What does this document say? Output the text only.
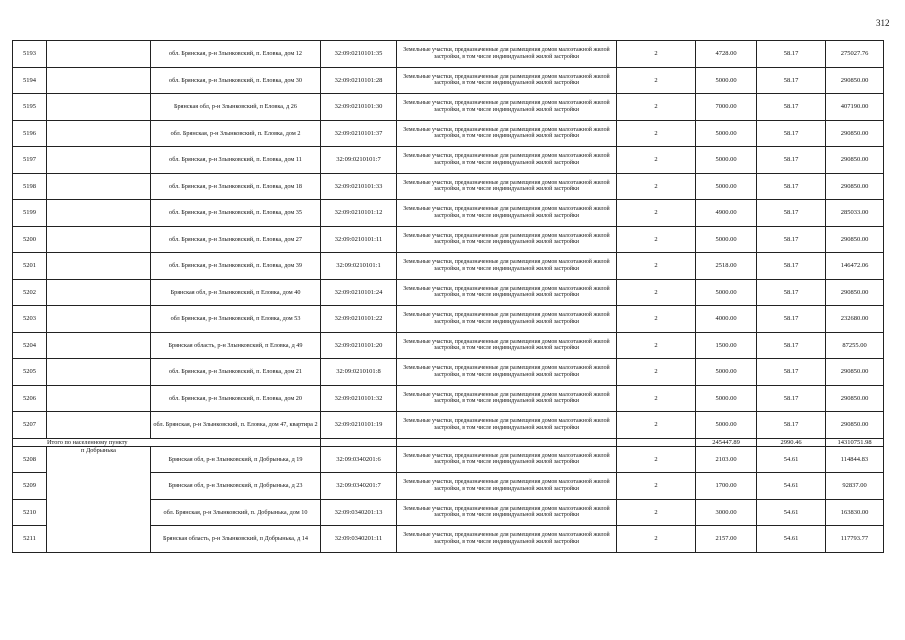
312
5193		обл. Брянская, р-н Злынковский, п. Еловка, дом 12	32:09:0210101:35	Земельные участки, предназначенные для размещения домов малоэтажной жилой застройки, в том числе индивидуальной жилой застройки	2	4728.00	58.17	275027.76
5194		обл. Брянская, р-н Злынковский, п. Еловка, дом 30	32:09:0210101:28	Земельные участки, предназначенные для размещения домов малоэтажной жилой застройки, в том числе индивидуальной жилой застройки	2	5000.00	58.17	290850.00
5195		Брянская обл, р-н Злынковский, п Еловка, д 26	32:09:0210101:30	Земельные участки, предназначенные для размещения домов малоэтажной жилой застройки, в том числе индивидуальной жилой застройки	2	7000.00	58.17	407190.00
5196		обл. Брянская, р-н Злынковский, п. Еловка, дом 2	32:09:0210101:37	Земельные участки, предназначенные для размещения домов малоэтажной жилой застройки, в том числе индивидуальной жилой застройки	2	5000.00	58.17	290850.00
5197		обл. Брянская, р-н Злынковский, п. Еловка, дом 11	32:09:0210101:7	Земельные участки, предназначенные для размещения домов малоэтажной жилой застройки, в том числе индивидуальной жилой застройки	2	5000.00	58.17	290850.00
5198		обл. Брянская, р-н Злынковский, п. Еловка, дом 18	32:09:0210101:33	Земельные участки, предназначенные для размещения домов малоэтажной жилой застройки, в том числе индивидуальной жилой застройки	2	5000.00	58.17	290850.00
5199		обл. Брянская, р-н Злынковский, п. Еловка, дом 35	32:09:0210101:12	Земельные участки, предназначенные для размещения домов малоэтажной жилой застройки, в том числе индивидуальной жилой застройки	2	4900.00	58.17	285033.00
5200		обл. Брянская, р-н Злынковский, п. Еловка, дом 27	32:09:0210101:11	Земельные участки, предназначенные для размещения домов малоэтажной жилой застройки, в том числе индивидуальной жилой застройки	2	5000.00	58.17	290850.00
5201		обл. Брянская, р-н Злынковский, п. Еловка, дом 39	32:09:0210101:1	Земельные участки, предназначенные для размещения домов малоэтажной жилой застройки, в том числе индивидуальной жилой застройки	2	2518.00	58.17	146472.06
5202		Брянская обл, р-н Злынковский, п Еловка, дом 40	32:09:0210101:24	Земельные участки, предназначенные для размещения домов малоэтажной жилой застройки, в том числе индивидуальной жилой застройки	2	5000.00	58.17	290850.00
5203		обл Брянская, р-н Злынковский, п Еловка, дом 53	32:09:0210101:22	Земельные участки, предназначенные для размещения домов малоэтажной жилой застройки, в том числе индивидуальной жилой застройки	2	4000.00	58.17	232680.00
5204		Брянская область, р-н Злынковский, п Еловка, д 49	32:09:0210101:20	Земельные участки, предназначенные для размещения домов малоэтажной жилой застройки, в том числе индивидуальной жилой застройки	2	1500.00	58.17	87255.00
5205		обл. Брянская, р-н Злынковский, п. Еловка, дом 21	32:09:0210101:8	Земельные участки, предназначенные для размещения домов малоэтажной жилой застройки, в том числе индивидуальной жилой застройки	2	5000.00	58.17	290850.00
5206		обл. Брянская, р-н Злынковский, п. Еловка, дом 20	32:09:0210101:32	Земельные участки, предназначенные для размещения домов малоэтажной жилой застройки, в том числе индивидуальной жилой застройки	2	5000.00	58.17	290850.00
5207		обл. Брянская, р-н Злынковский, п. Еловка, дом 47, квартира 2	32:09:0210101:19	Земельные участки, предназначенные для размещения домов малоэтажной жилой застройки, в том числе индивидуальной жилой застройки	2	5000.00	58.17	290850.00
Итого по населенному пункту						245447.89	2990.46	14310751.98
5208	п Добрынька	Брянская обл, р-н Злынковский, п Добрынька, д 19	32:09:0340201:6	Земельные участки, предназначенные для размещения домов малоэтажной жилой застройки, в том числе индивидуальной жилой застройки	2	2103.00	54.61	114844.83
5209		Брянская обл, р-н Злынковский, п Добрынька, д 23	32:09:0340201:7	Земельные участки, предназначенные для размещения домов малоэтажной жилой застройки, в том числе индивидуальной жилой застройки	2	1700.00	54.61	92837.00
5210		обл. Брянская, р-н Злынковский, п. Добрынька, дом 10	32:09:0340201:13	Земельные участки, предназначенные для размещения домов малоэтажной жилой застройки, в том числе индивидуальной жилой застройки	2	3000.00	54.61	163830.00
5211		Брянская область, р-н Злынковский, п Добрынька, д 14	32:09:0340201:11	Земельные участки, предназначенные для размещения домов малоэтажной жилой застройки, в том числе индивидуальной жилой застройки	2	2157.00	54.61	117793.77
